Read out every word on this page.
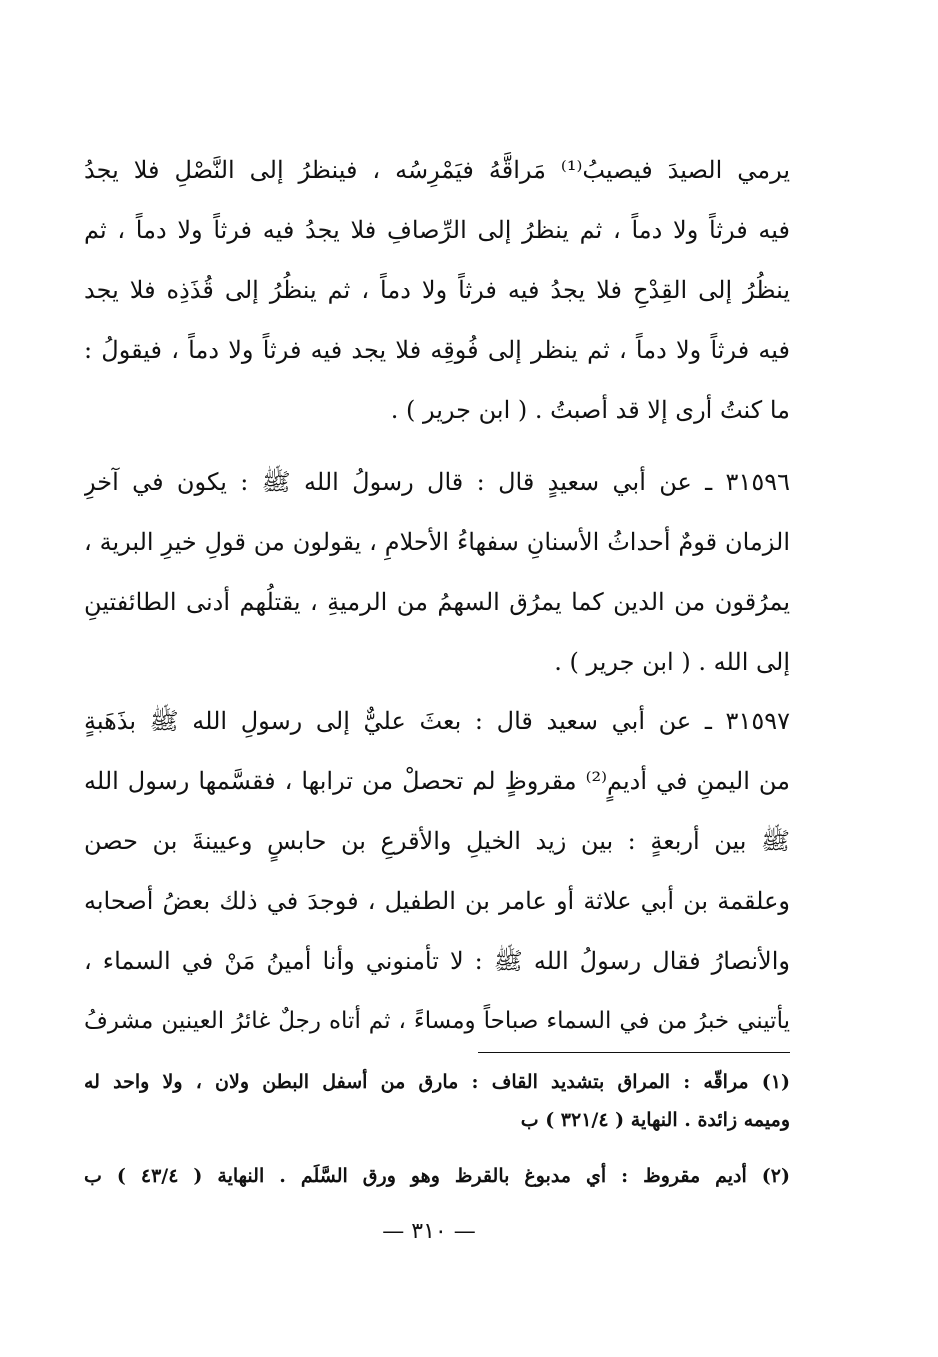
يرمي الصيدَ فيصيبُ⁨⁽¹⁾⁩ مَراقَّهُ فيَمْرِسُه ، فينظرُ إلى النَّصْلِ فلا يجدُ
فيه فرثاً ولا دماً ، ثم ينظرُ إلى الرِّصافِ فلا يجدُ فيه فرثاً ولا دماً ، ثم
ينظُرُ إلى القِدْحِ فلا يجدُ فيه فرثاً ولا دماً ، ثم ينظُرُ إلى قُذَذِه فلا يجد
فيه فرثاً ولا دماً ، ثم ينظر إلى فُوقِه فلا يجد فيه فرثاً ولا دماً ، فيقولُ :
ما كنتُ أرى إلا قد أصبتُ . ( ابن جرير ) .
٣١٥٩٦ ـ عن أبي سعيدٍ قال : قال رسولُ الله ﷺ : يكون في آخرِ
الزمان قومٌ أحداثُ الأسنانِ سفهاءُ الأحلامِ ، يقولون من قولِ خيرِ البرية ،
يمرُقون من الدين كما يمرُق السهمُ من الرميةِ ، يقتلُهم أدنى الطائفتينِ
إلى الله . ( ابن جرير ) .
٣١٥٩٧ ـ عن أبي سعيد قال : بعثَ عليٌّ إلى رسولِ الله ﷺ بذَهَبةٍ
من اليمنِ في أديمٍ⁨⁽²⁾⁩ مقروظٍ لم تحصلْ من ترابها ، فقسَّمها رسول الله
ﷺ بين أربعةٍ : بين زيد الخيلِ والأقرعِ بن حابسٍ وعيينةَ بن حصن
وعلقمة بن أبي علاثة أو عامر بن الطفيل ، فوجدَ في ذلك بعضُ أصحابه
والأنصارُ فقال رسولُ الله ﷺ : لا تأمنوني وأنا أمينُ مَنْ في السماء ،
يأتيني خبرُ من في السماء صباحاً ومساءً ، ثم أتاه رجلٌ غائرُ العينين مشرفُ
(١) مراقّه : المراق بتشديد القاف : مارق من أسفل البطن ولان ، ولا واحد له
وميمه زائدة . النهاية ( ٣٢١/٤ ) ب
(٢) أديم مقروظ : أي مدبوغ بالقرظ وهو ورق السَّلَم . النهاية ( ٤٣/٤ ) ب
— ٣١٠ —
